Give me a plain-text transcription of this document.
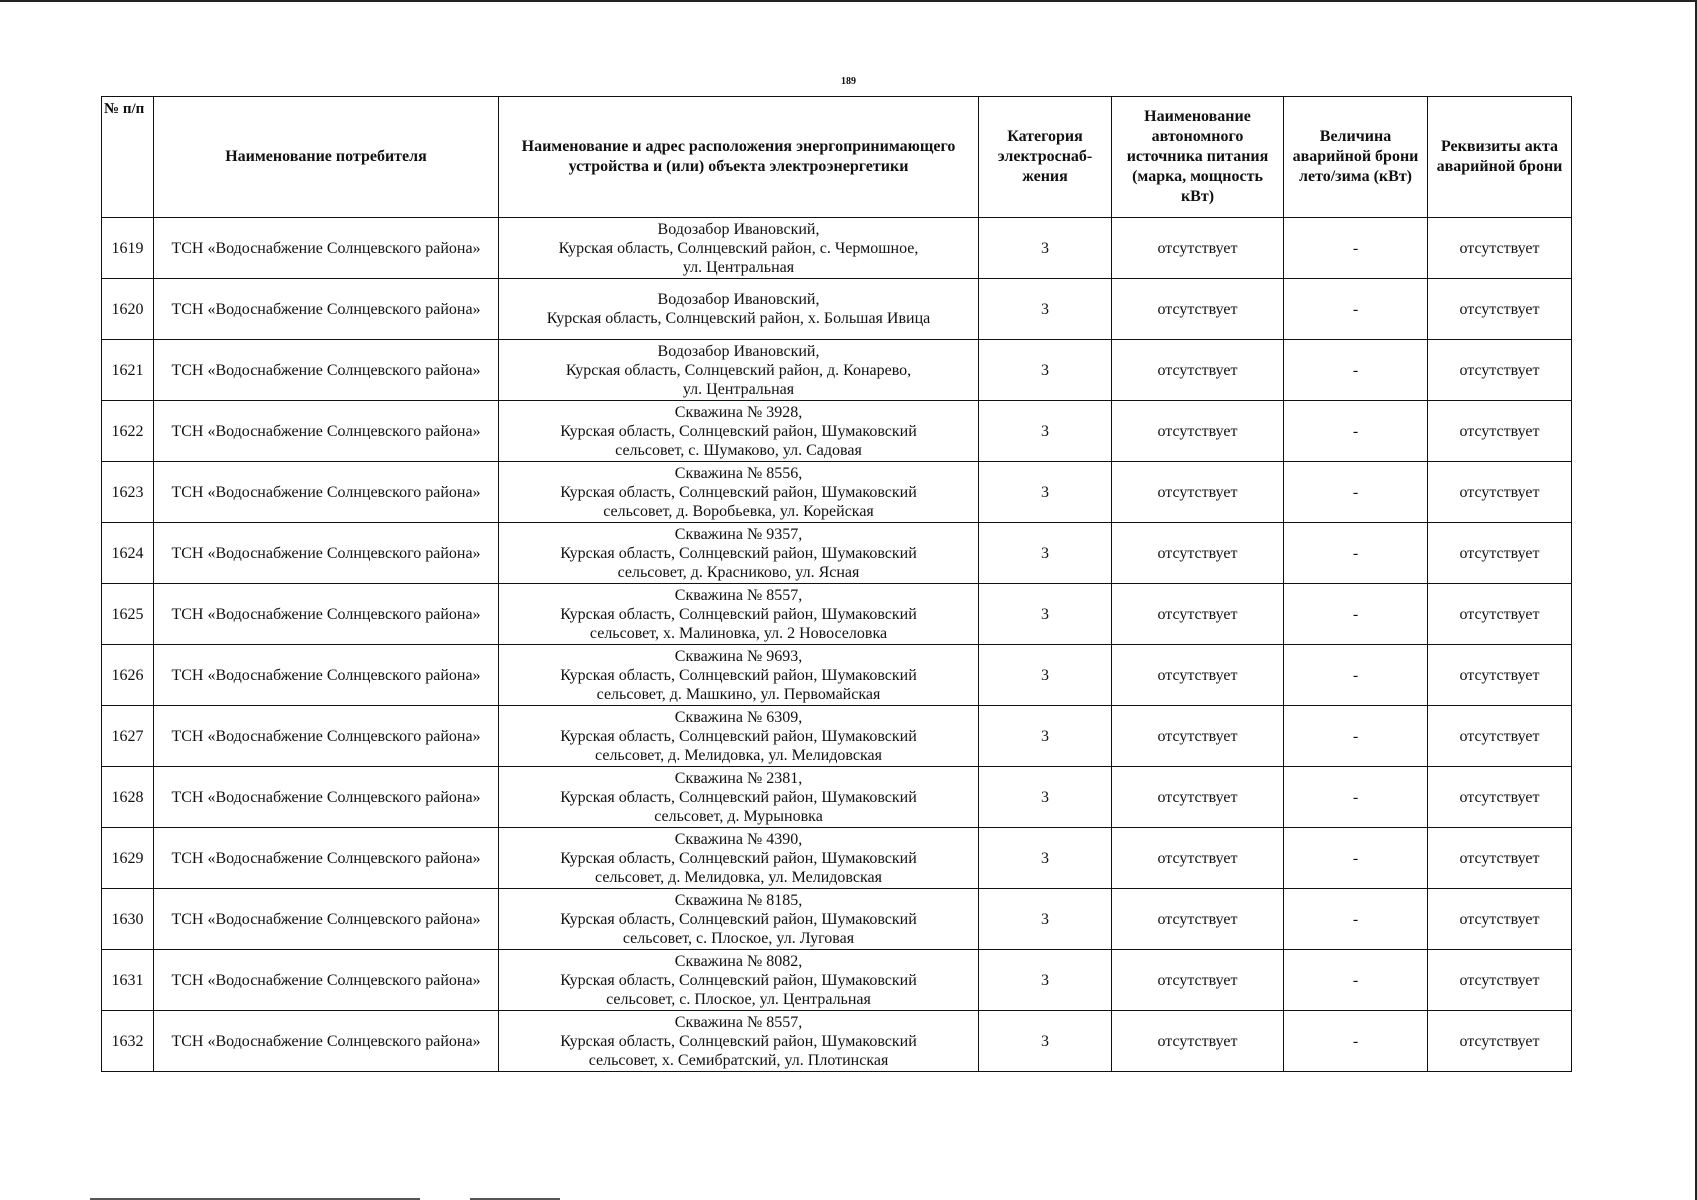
189
№ п/п	Наименование потребителя	Наименование и адрес расположения энергопринимающего устройства и (или) объекта электроэнергетики	Категория электроснаб-жения	Наименование автономного источника питания (марка, мощность кВт)	Величина аварийной брони лето/зима (кВт)	Реквизиты акта аварийной брони
1619	ТСН «Водоснабжение Солнцевского района»	Водозабор Ивановский,
Курская область, Солнцевский район, с. Чермошное,
ул. Центральная	3	отсутствует	-	отсутствует
1620	ТСН «Водоснабжение Солнцевского района»	Водозабор Ивановский,
Курская область, Солнцевский район, х. Большая Ивица	3	отсутствует	-	отсутствует
1621	ТСН «Водоснабжение Солнцевского района»	Водозабор Ивановский,
Курская область, Солнцевский район, д. Конарево,
ул. Центральная	3	отсутствует	-	отсутствует
1622	ТСН «Водоснабжение Солнцевского района»	Скважина № 3928,
Курская область, Солнцевский район, Шумаковский
сельсовет, с. Шумаково, ул. Садовая	3	отсутствует	-	отсутствует
1623	ТСН «Водоснабжение Солнцевского района»	Скважина № 8556,
Курская область, Солнцевский район, Шумаковский
сельсовет, д. Воробьевка, ул. Корейская	3	отсутствует	-	отсутствует
1624	ТСН «Водоснабжение Солнцевского района»	Скважина № 9357,
Курская область, Солнцевский район, Шумаковский
сельсовет, д. Красниково, ул. Ясная	3	отсутствует	-	отсутствует
1625	ТСН «Водоснабжение Солнцевского района»	Скважина № 8557,
Курская область, Солнцевский район, Шумаковский
сельсовет, х. Малиновка, ул. 2 Новоселовка	3	отсутствует	-	отсутствует
1626	ТСН «Водоснабжение Солнцевского района»	Скважина № 9693,
Курская область, Солнцевский район, Шумаковский
сельсовет, д. Машкино, ул. Первомайская	3	отсутствует	-	отсутствует
1627	ТСН «Водоснабжение Солнцевского района»	Скважина № 6309,
Курская область, Солнцевский район, Шумаковский
сельсовет, д. Мелидовка, ул. Мелидовская	3	отсутствует	-	отсутствует
1628	ТСН «Водоснабжение Солнцевского района»	Скважина № 2381,
Курская область, Солнцевский район, Шумаковский
сельсовет, д. Мурыновка	3	отсутствует	-	отсутствует
1629	ТСН «Водоснабжение Солнцевского района»	Скважина № 4390,
Курская область, Солнцевский район, Шумаковский
сельсовет, д. Мелидовка, ул. Мелидовская	3	отсутствует	-	отсутствует
1630	ТСН «Водоснабжение Солнцевского района»	Скважина № 8185,
Курская область, Солнцевский район, Шумаковский
сельсовет, с. Плоское, ул. Луговая	3	отсутствует	-	отсутствует
1631	ТСН «Водоснабжение Солнцевского района»	Скважина № 8082,
Курская область, Солнцевский район, Шумаковский
сельсовет, с. Плоское, ул. Центральная	3	отсутствует	-	отсутствует
1632	ТСН «Водоснабжение Солнцевского района»	Скважина № 8557,
Курская область, Солнцевский район, Шумаковский
сельсовет, х. Семибратский, ул. Плотинская	3	отсутствует	-	отсутствует
